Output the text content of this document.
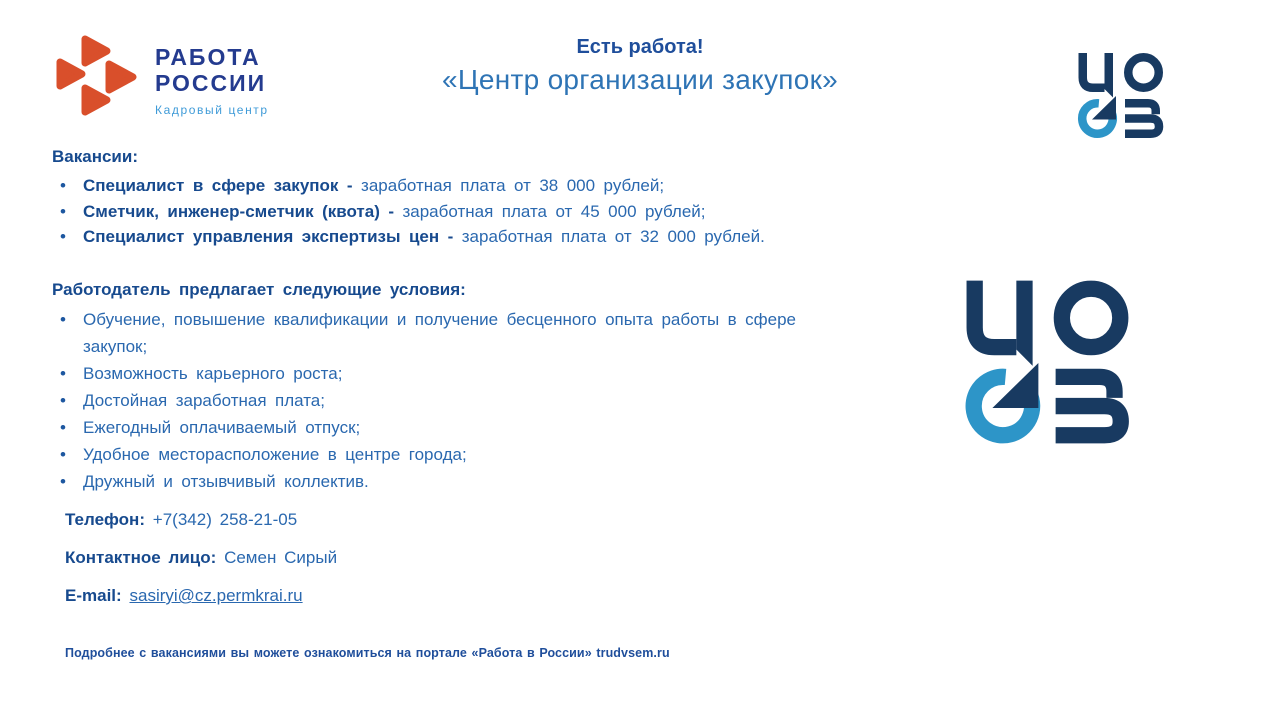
РАБОТА
РОССИИ
Кадровый центр
Есть работа!
«Центр организации закупок»

Вакансии:

• Специалист в сфере закупок - заработная плата от 38 000 рублей;
• Сметчик, инженер-сметчик (квота) - заработная плата от 45 000 рублей;
• Специалист управления экспертизы цен - заработная плата от 32 000 рублей.

Работодатель предлагает следующие условия:

• Обучение, повышение квалификации и получение бесценного опыта работы в сфере
закупок;
• Возможность карьерного роста;
• Достойная заработная плата;
• Ежегодный оплачиваемый отпуск;
• Удобное месторасположение в центре города;
• Дружный и отзывчивый коллектив.
Телефон: +7(342) 258-21-05
Контактное лицо: Семен Сирый
E-mail: sasiryi@cz.permkrai.ru
Подробнее с вакансиями вы можете ознакомиться на портале «Работа в России» trudvsem.ru
